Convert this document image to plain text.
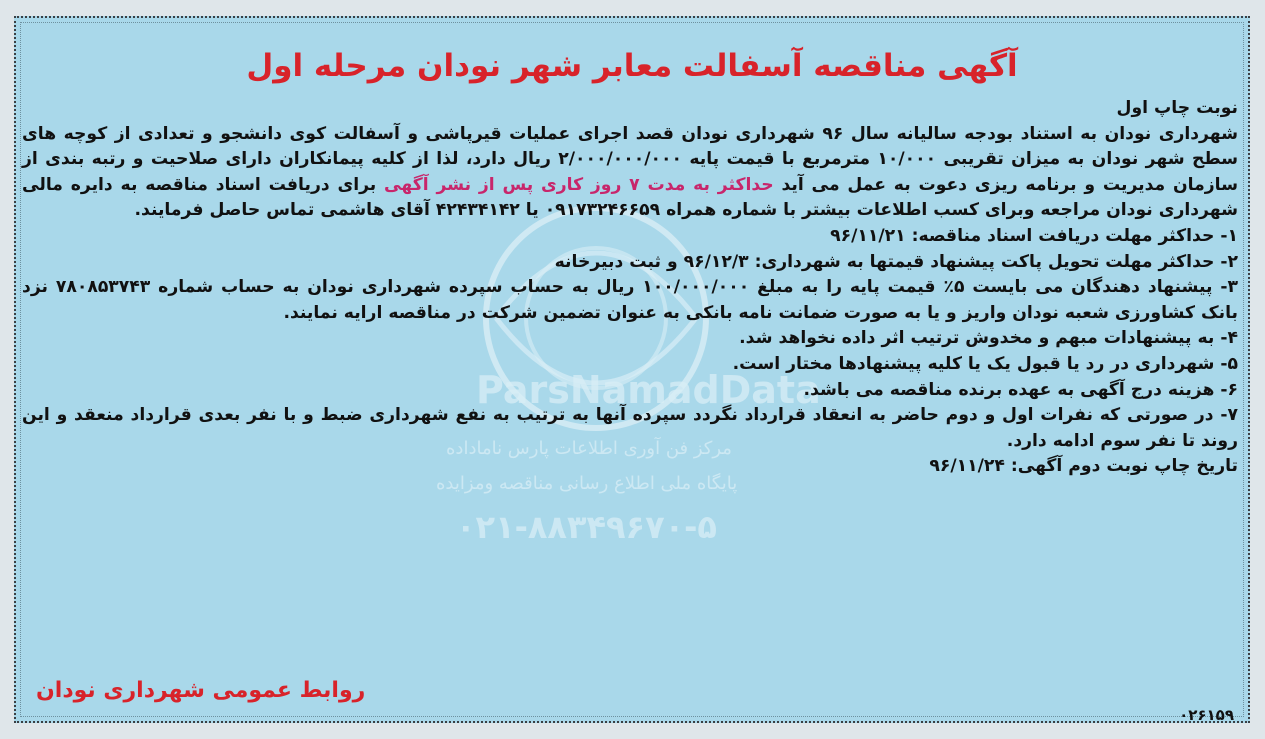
ParsNamadData
مرکز فن آوری اطلاعات پارس ناماداده
پایگاه ملی اطلاع رسانی مناقصه ومزایده
۰۲۱-۸۸۳۴۹۶۷۰-۵
آگهی مناقصه آسفالت معابر شهر نودان مرحله اول

نوبت چاپ اول

شهرداری نودان به استناد بودجه سالیانه سال ۹۶ شهرداری نودان قصد اجرای عملیات قیرپاشی و آسفالت کوی دانشجو و تعدادی از کوچه های سطح شهر نودان به میزان تقریبی ۱۰/۰۰۰ مترمربع با قیمت پایه ۲/۰۰۰/۰۰۰/۰۰۰ ریال دارد، لذا از کلیه پیمانکاران دارای صلاحیت و رتبه بندی از سازمان مدیریت و برنامه ریزی دعوت به عمل می آید حداکثر به مدت ۷ روز کاری پس از نشر آگهی برای دریافت اسناد مناقصه به دایره مالی شهرداری نودان مراجعه وبرای کسب اطلاعات بیشتر با شماره همراه ۰۹۱۷۳۲۴۶۶۵۹ یا ۴۲۴۳۴۱۴۲ آقای هاشمی تماس حاصل فرمایند.

۱- حداکثر مهلت دریافت اسناد مناقصه: ۹۶/۱۱/۲۱

۲- حداکثر مهلت تحویل پاکت پیشنهاد قیمتها به شهرداری: ۹۶/۱۲/۳ و ثبت دبیرخانه

۳- پیشنهاد دهندگان می بایست ۵٪ قیمت پایه را به مبلغ ۱۰۰/۰۰۰/۰۰۰ ریال به حساب سپرده شهرداری نودان به حساب شماره ۷۸۰۸۵۳۷۴۳ نزد بانک کشاورزی شعبه نودان واریز و یا به صورت ضمانت نامه بانکی به عنوان تضمین شرکت در مناقصه ارایه نمایند.

۴- به پیشنهادات مبهم و مخدوش ترتیب اثر داده نخواهد شد.

۵- شهرداری در رد یا قبول یک یا کلیه پیشنهادها مختار است.

۶- هزینه درج آگهی به عهده برنده مناقصه می باشد.

۷- در صورتی که نفرات اول و دوم حاضر به انعقاد قرارداد نگردد سپرده آنها به ترتیب به نفع شهرداری ضبط و با نفر بعدی قرارداد منعقد و این روند تا نفر سوم ادامه دارد.

تاریخ چاپ نوبت دوم آگهی: ۹۶/۱۱/۲۴

روابط عمومی شهرداری نودان
۰۲۶۱۵۹
